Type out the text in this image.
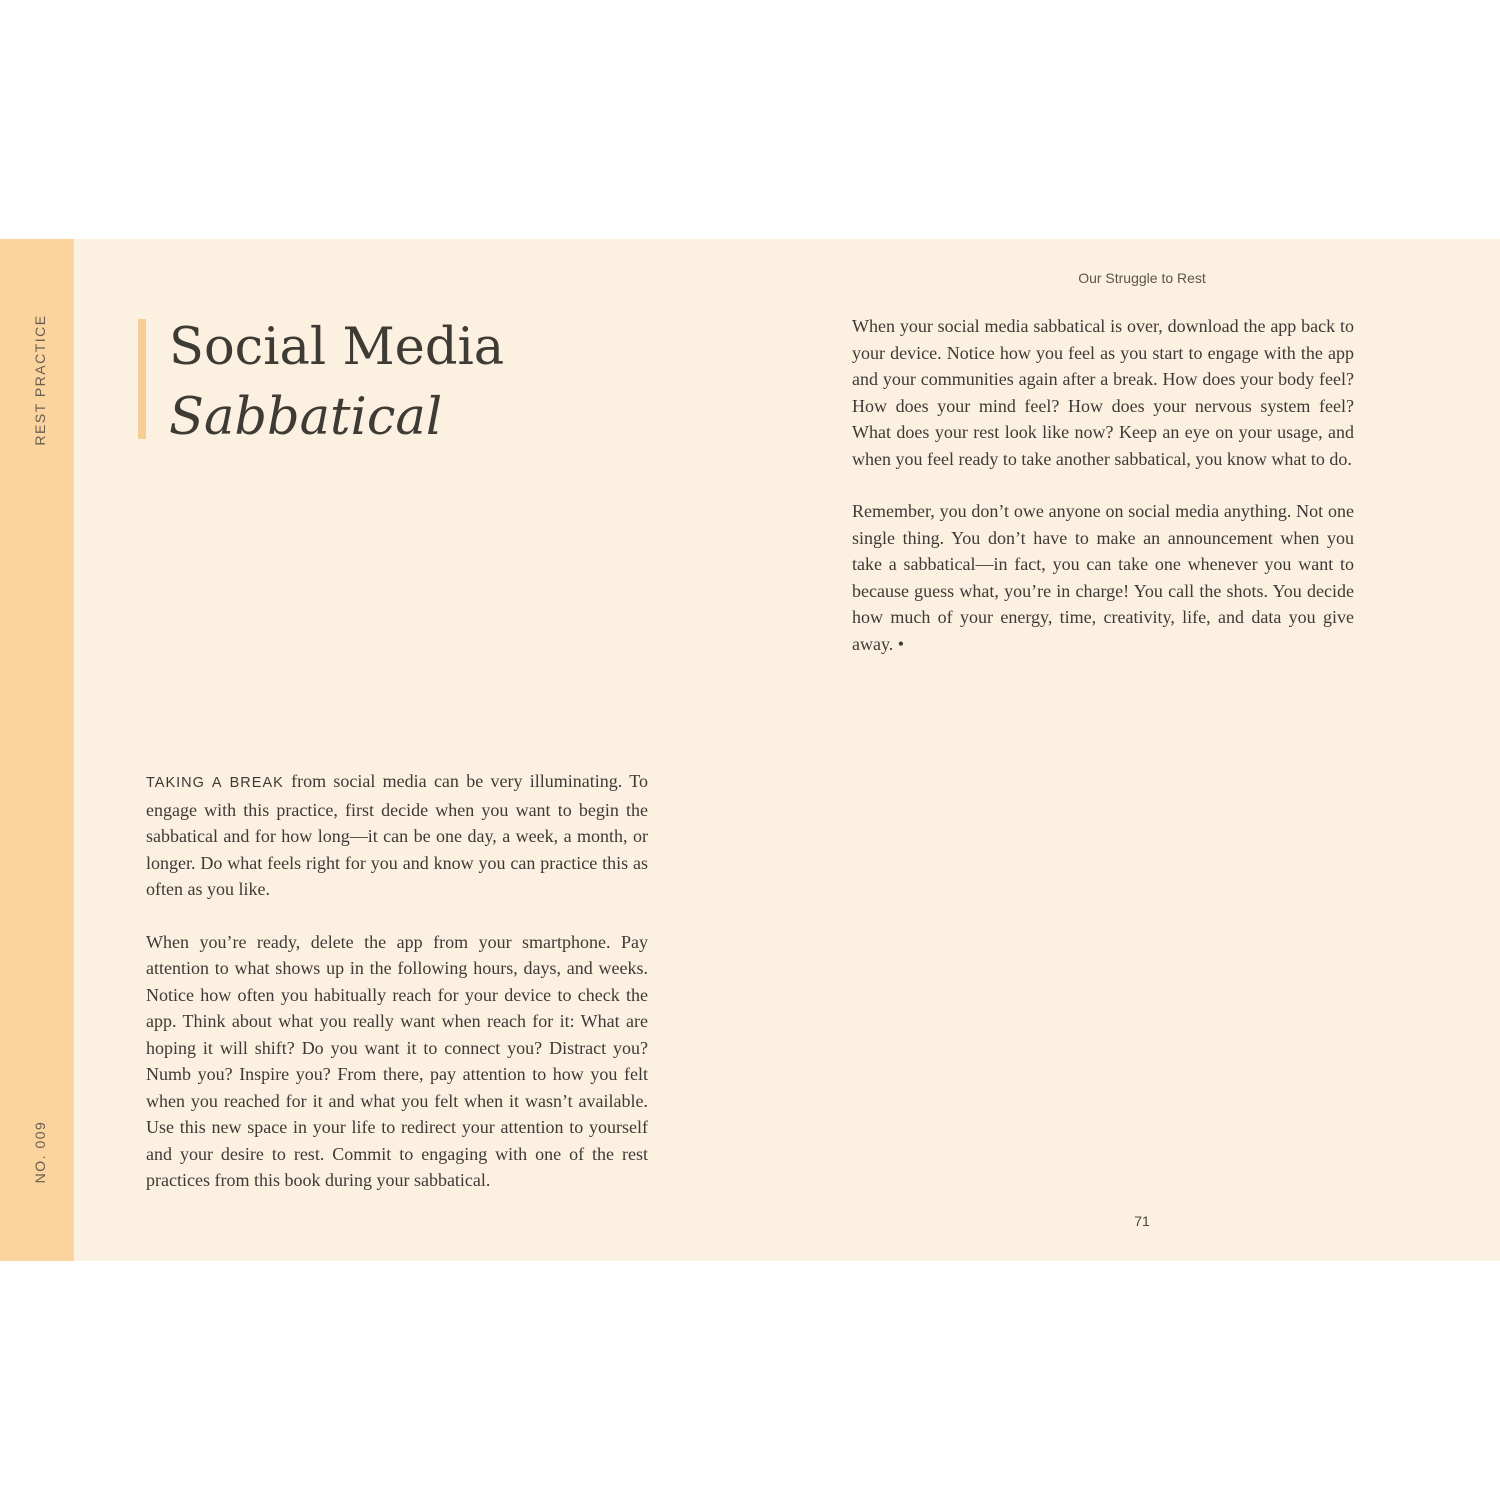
REST PRACTICE
NO. 009
Social Media
Sabbatical
Our Struggle to Rest

TAKING A BREAK from social media can be very illuminating. To engage with this practice, first decide when you want to begin the sabbatical and for how long—it can be one day, a week, a month, or longer. Do what feels right for you and know you can practice this as often as you like.

When you’re ready, delete the app from your smartphone. Pay attention to what shows up in the following hours, days, and weeks. Notice how often you habitually reach for your device to check the app. Think about what you really want when reach for it: What are hoping it will shift? Do you want it to connect you? Distract you? Numb you? Inspire you? From there, pay attention to how you felt when you reached for it and what you felt when it wasn’t available. Use this new space in your life to redirect your attention to yourself and your desire to rest. Commit to engaging with one of the rest practices from this book during your sabbatical.

When your social media sabbatical is over, download the app back to your device. Notice how you feel as you start to engage with the app and your communities again after a break. How does your body feel? How does your mind feel? How does your nervous system feel? What does your rest look like now? Keep an eye on your usage, and when you feel ready to take another sabbatical, you know what to do.

Remember, you don’t owe anyone on social media anything. Not one single thing. You don’t have to make an announcement when you take a sabbatical—in fact, you can take one whenever you want to because guess what, you’re in charge! You call the shots. You decide how much of your energy, time, creativity, life, and data you give away. •

71
